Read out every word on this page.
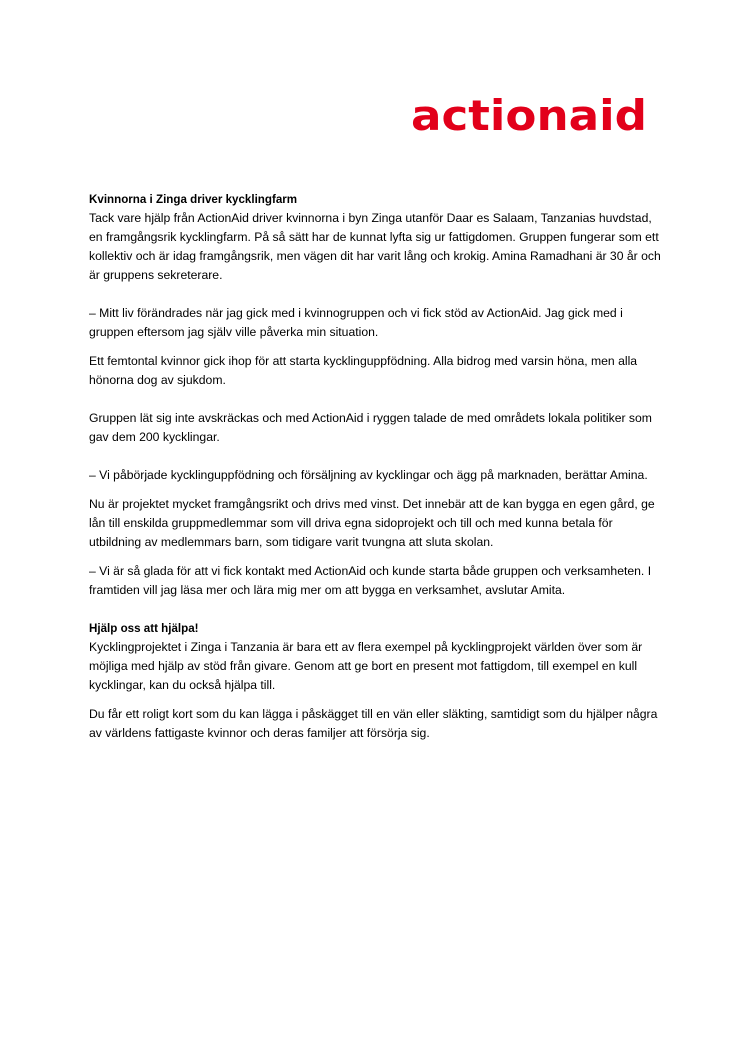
actionaid

Kvinnorna i Zinga driver kycklingfarm

Tack vare hjälp från ActionAid driver kvinnorna i byn Zinga utanför Daar es Salaam, Tanzanias huvdstad, en framgångsrik kycklingfarm. På så sätt har de kunnat lyfta sig ur fattigdomen. Gruppen fungerar som ett kollektiv och är idag framgångsrik, men vägen dit har varit lång och krokig. Amina Ramadhani är 30 år och är gruppens sekreterare.

– Mitt liv förändrades när jag gick med i kvinnogruppen och vi fick stöd av ActionAid. Jag gick med i gruppen eftersom jag själv ville påverka min situation.

Ett femtontal kvinnor gick ihop för att starta kycklinguppfödning. Alla bidrog med varsin höna, men alla hönorna dog av sjukdom.

Gruppen lät sig inte avskräckas och med ActionAid i ryggen talade de med områdets lokala politiker som gav dem 200 kycklingar.

– Vi påbörjade kycklinguppfödning och försäljning av kycklingar och ägg på marknaden, berättar Amina.

Nu är projektet mycket framgångsrikt och drivs med vinst. Det innebär att de kan bygga en egen gård, ge lån till enskilda gruppmedlemmar som vill driva egna sidoprojekt och till och med kunna betala för utbildning av medlemmars barn, som tidigare varit tvungna att sluta skolan.

– Vi är så glada för att vi fick kontakt med ActionAid och kunde starta både gruppen och verksamheten. I framtiden vill jag läsa mer och lära mig mer om att bygga en verksamhet, avslutar Amita.

Hjälp oss att hjälpa!

Kycklingprojektet i Zinga i Tanzania är bara ett av flera exempel på kycklingprojekt världen över som är möjliga med hjälp av stöd från givare. Genom att ge bort en present mot fattigdom, till exempel en kull kycklingar, kan du också hjälpa till.

Du får ett roligt kort som du kan lägga i påskägget till en vän eller släkting, samtidigt som du hjälper några av världens fattigaste kvinnor och deras familjer att försörja sig.
